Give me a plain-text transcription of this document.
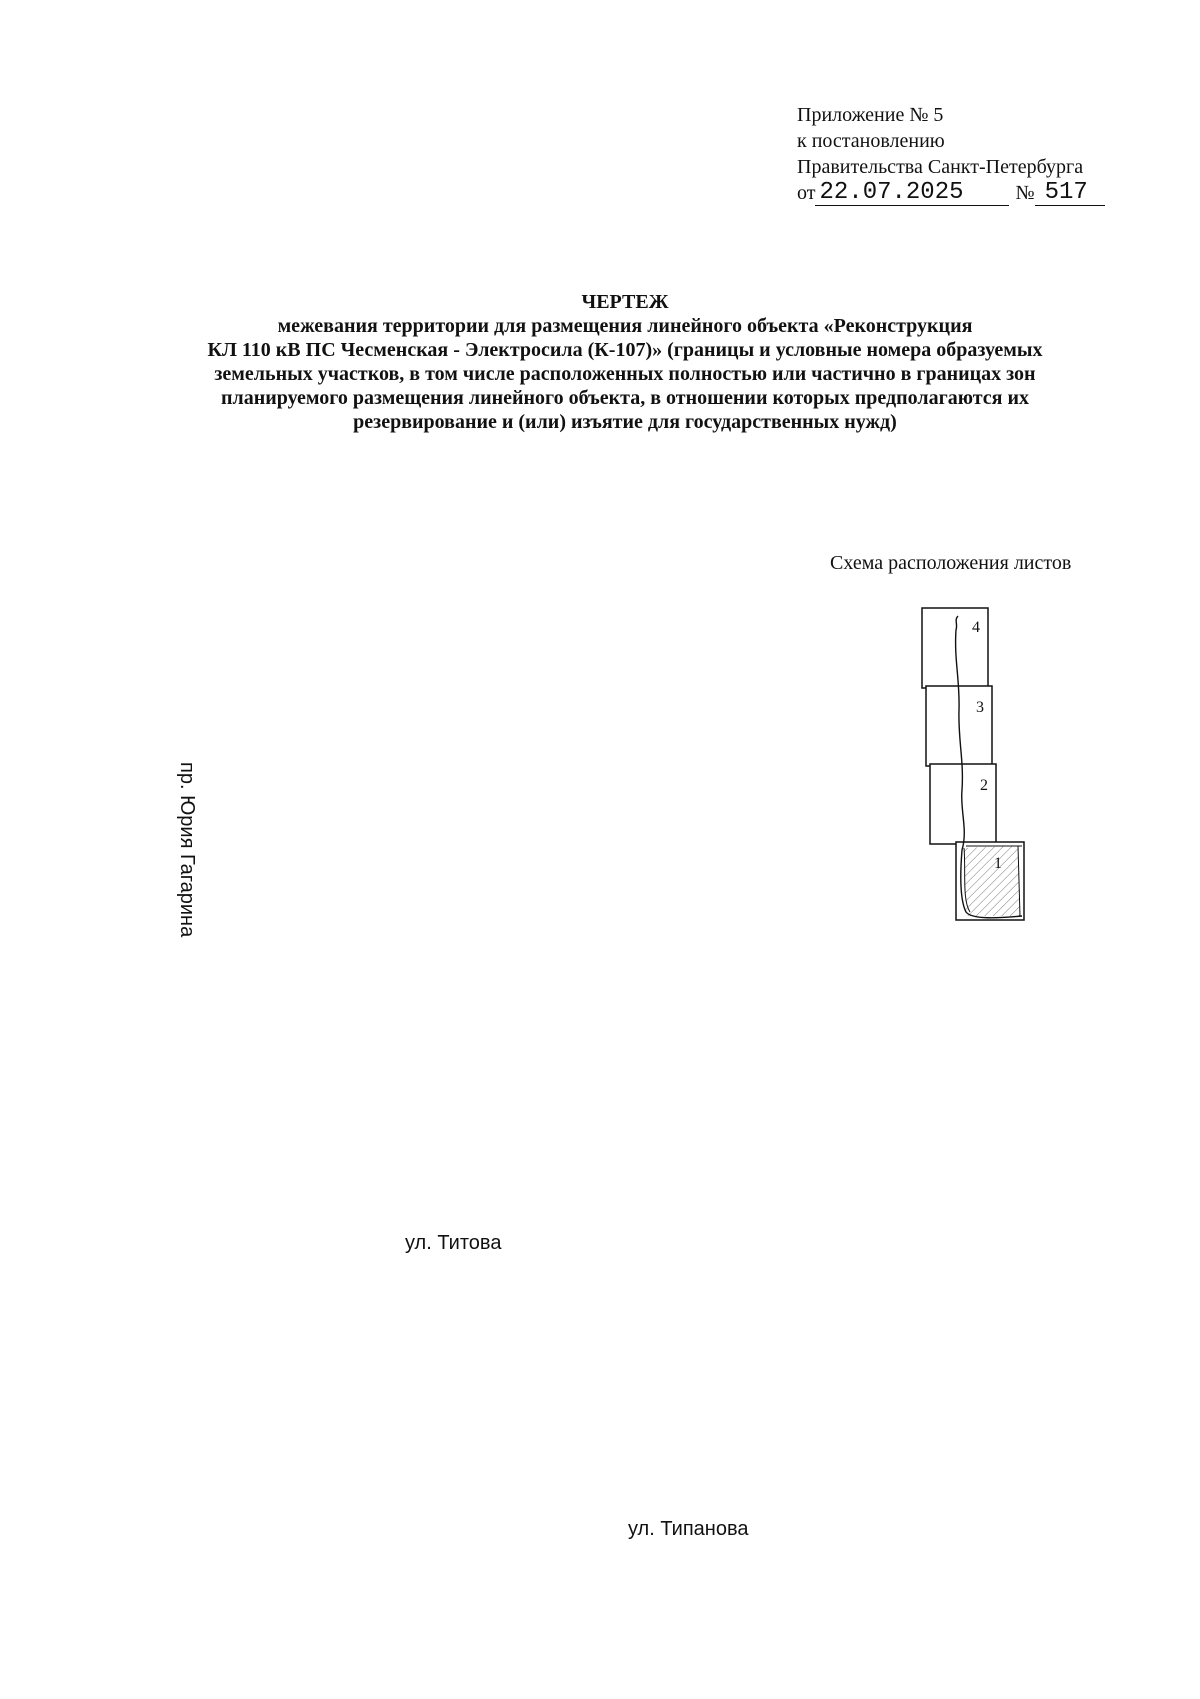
Приложение № 5
к постановлению
Правительства Санкт-Петербурга
от 22.07.2025	№ 517
ЧЕРТЕЖ
межевания территории для размещения линейного объекта «Реконструкция
КЛ 110 кВ ПС Чесменская - Электросила (К-107)» (границы и условные номера образуемых
земельных участков, в том числе расположенных полностью или частично в границах зон
планируемого размещения линейного объекта, в отношении которых предполагаются их
резервирование и (или) изъятие для государственных нужд)
Схема расположения листов
4
3
2
1
пр. Юрия Гагарина
ул. Титова
ул. Типанова
